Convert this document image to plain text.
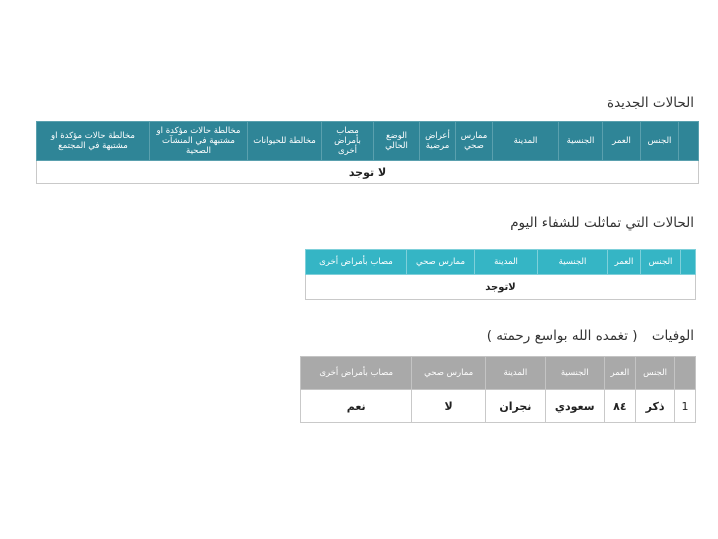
الحالات الجديدة
	الجنس	العمر	الجنسية	المدينة	ممارس صحي	أعراض مرضية	الوضع الحالي	مصاب بأمراض أخرى	مخالطة للحيوانات	مخالطة حالات مؤكدة او مشتبهة في المنشآت الصحية	مخالطة حالات مؤكدة او مشتبهة في المجتمع
لا توجد
الحالات التي تماثلت للشفاء اليوم
	الجنس	العمر	الجنسية	المدينة	ممارس صحي	مصاب بأمراض أخرى
لاتوجد
الوفيات ( تغمده الله بواسع رحمته )
	الجنس	العمر	الجنسية	المدينة	ممارس صحي	مصاب بأمراض أخرى
1	ذكر	٨٤	سعودي	نجران	لا	نعم
